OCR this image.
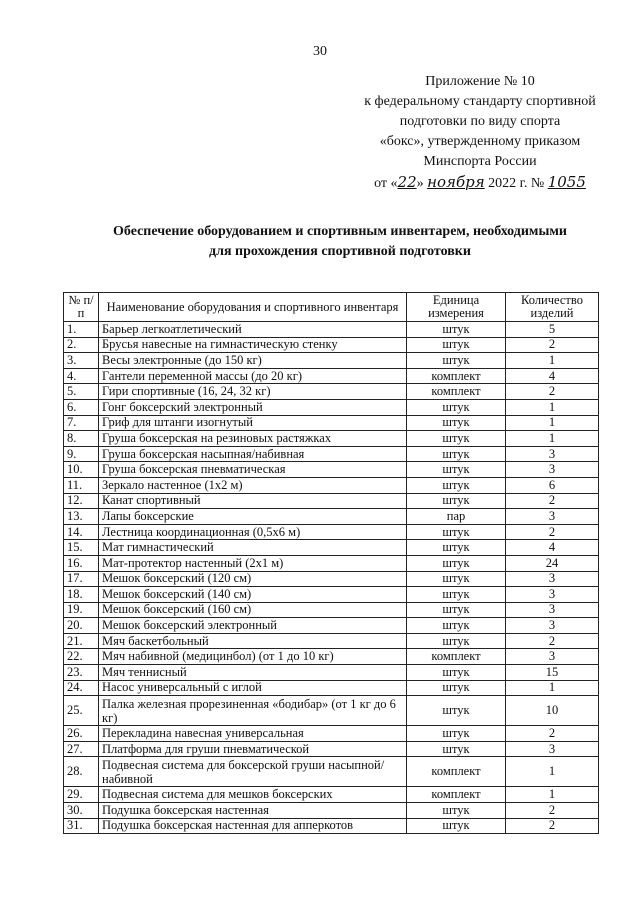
30
Приложение № 10
к федеральному стандарту спортивной
подготовки по виду спорта
«бокс», утвержденному приказом
Минспорта России
от «22» ноября 2022 г. № 1055
Обеспечение оборудованием и спортивным инвентарем, необходимыми
для прохождения спортивной подготовки
№ п/п	Наименование оборудования и спортивного инвентаря	Единица измерения	Количество изделий
1.	Барьер легкоатлетический	штук	5
2.	Брусья навесные на гимнастическую стенку	штук	2
3.	Весы электронные (до 150 кг)	штук	1
4.	Гантели переменной массы (до 20 кг)	комплект	4
5.	Гири спортивные (16, 24, 32 кг)	комплект	2
6.	Гонг боксерский электронный	штук	1
7.	Гриф для штанги изогнутый	штук	1
8.	Груша боксерская на резиновых растяжках	штук	1
9.	Груша боксерская насыпная/набивная	штук	3
10.	Груша боксерская пневматическая	штук	3
11.	Зеркало настенное (1х2 м)	штук	6
12.	Канат спортивный	штук	2
13.	Лапы боксерские	пар	3
14.	Лестница координационная (0,5х6 м)	штук	2
15.	Мат гимнастический	штук	4
16.	Мат-протектор настенный (2х1 м)	штук	24
17.	Мешок боксерский (120 см)	штук	3
18.	Мешок боксерский (140 см)	штук	3
19.	Мешок боксерский (160 см)	штук	3
20.	Мешок боксерский электронный	штук	3
21.	Мяч баскетбольный	штук	2
22.	Мяч набивной (медицинбол) (от 1 до 10 кг)	комплект	3
23.	Мяч теннисный	штук	15
24.	Насос универсальный с иглой	штук	1
25.	Палка железная прорезиненная «бодибар» (от 1 кг до 6 кг)	штук	10
26.	Перекладина навесная универсальная	штук	2
27.	Платформа для груши пневматической	штук	3
28.	Подвесная система для боксерской груши насыпной/набивной	комплект	1
29.	Подвесная система для мешков боксерских	комплект	1
30.	Подушка боксерская настенная	штук	2
31.	Подушка боксерская настенная для апперкотов	штук	2
